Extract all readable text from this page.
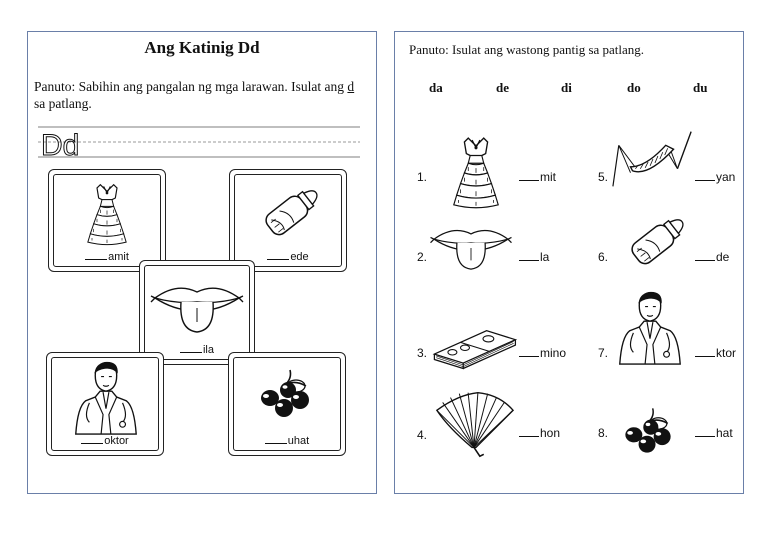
Ang Katinig Dd
Panuto: Sabihin ang pangalan ng mga larawan. Isulat ang d sa patlang.
Dd
amit	ede
ila
oktor	uhat
Panuto: Isulat ang wastong pantig sa patlang.
da	de	di	do	du
1.	mit
2.	la
3.	mino
4.	hon
5.	yan
6.	de
7.	ktor
8.	hat
